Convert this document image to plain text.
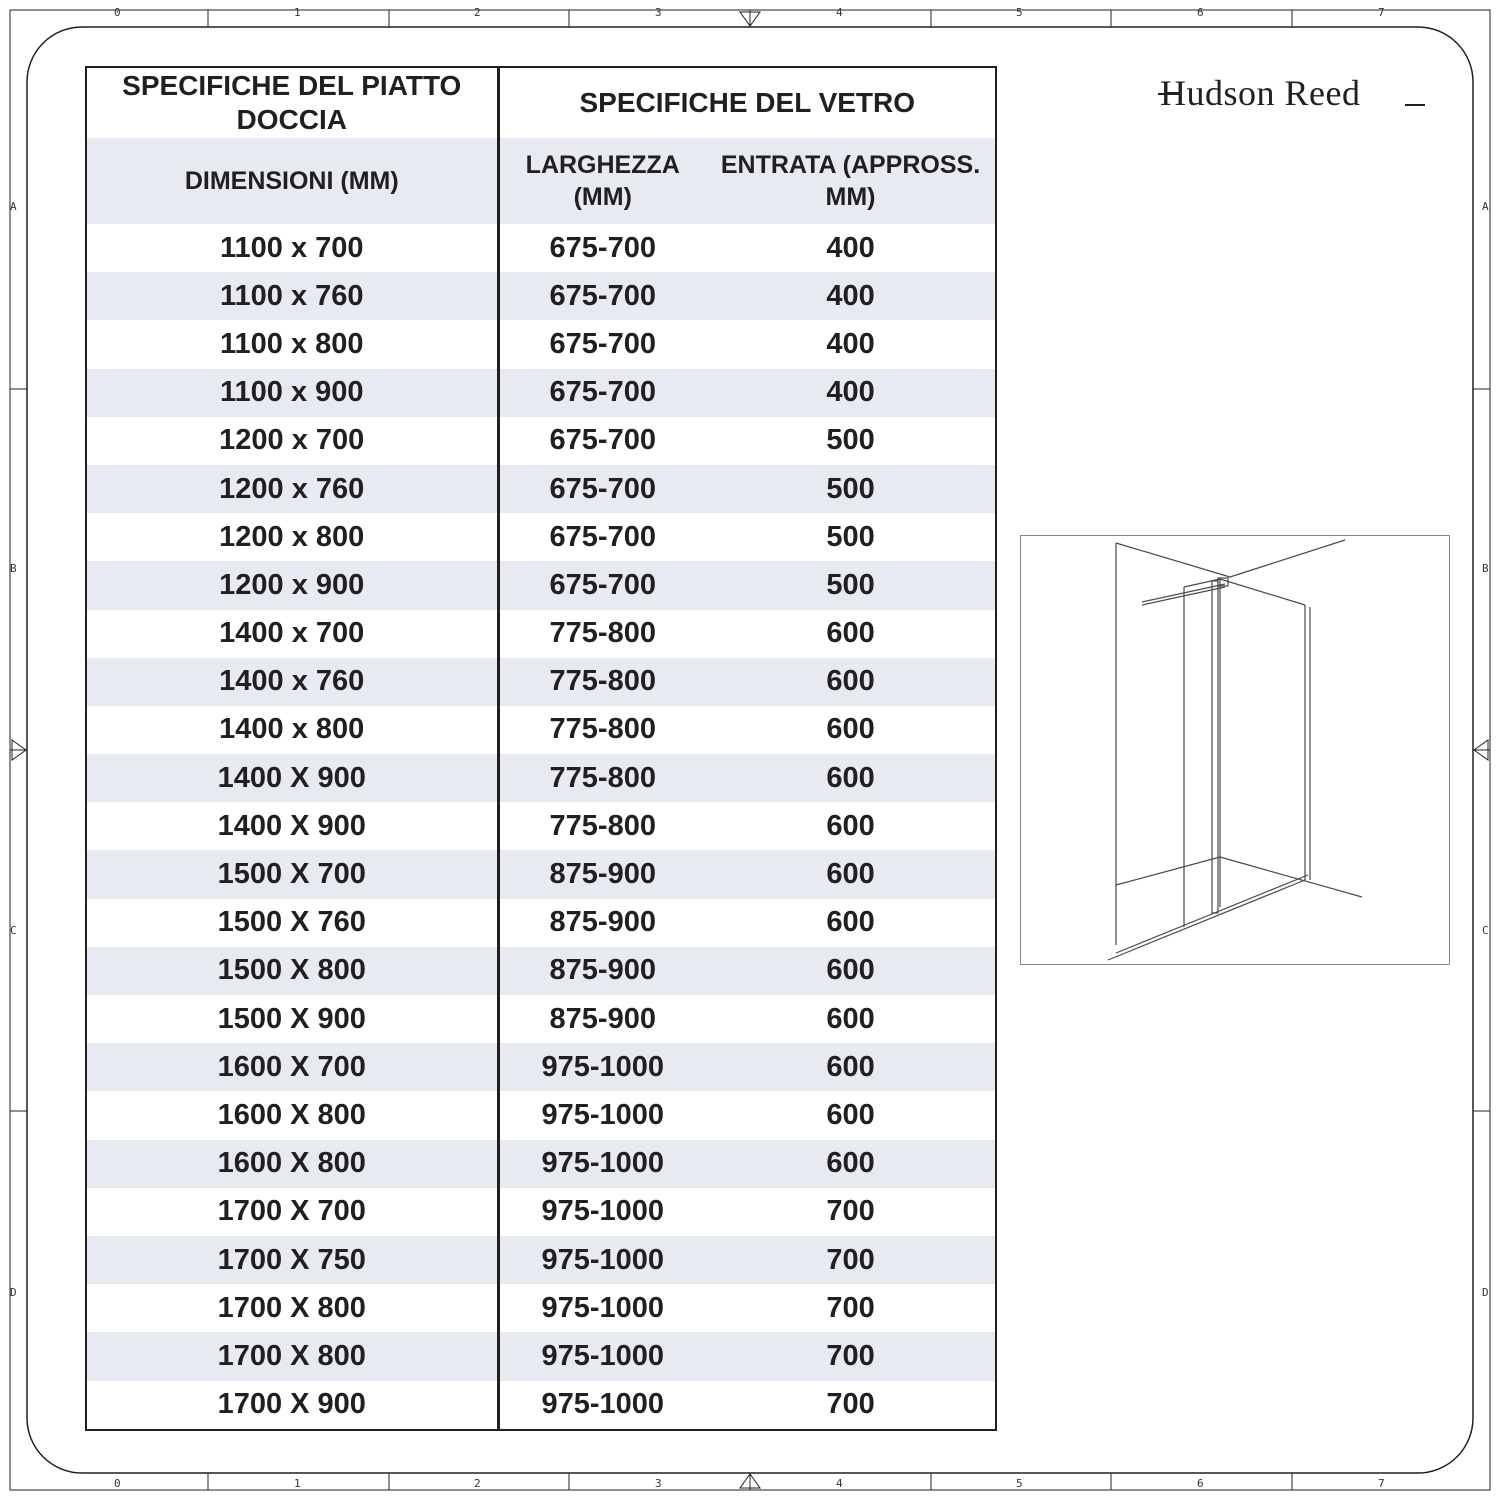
0
0
1
1
2
2
3
3
4
4
5
5
6
6
7
7
A	A
B	B
C	C
D	D
SPECIFICHE DEL PIATTO DOCCIA	SPECIFICHE DEL VETRO	
DIMENSIONI (MM)	LARGHEZZA (MM)	ENTRATA (APPROSS. MM)
1100 x 700	675-700	400
1100 x 760	675-700	400
1100 x 800	675-700	400
1100 x 900	675-700	400
1200 x 700	675-700	500
1200 x 760	675-700	500
1200 x 800	675-700	500
1200 x 900	675-700	500
1400 x 700	775-800	600
1400 x 760	775-800	600
1400 x 800	775-800	600
1400 X 900	775-800	600
1400 X 900	775-800	600
1500 X 700	875-900	600
1500 X 760	875-900	600
1500 X 800	875-900	600
1500 X 900	875-900	600
1600 X 700	975-1000	600
1600 X 800	975-1000	600
1600 X 800	975-1000	600
1700 X 700	975-1000	700
1700 X 750	975-1000	700
1700 X 800	975-1000	700
1700 X 800	975-1000	700
1700 X 900	975-1000	700
Hudson Reed
